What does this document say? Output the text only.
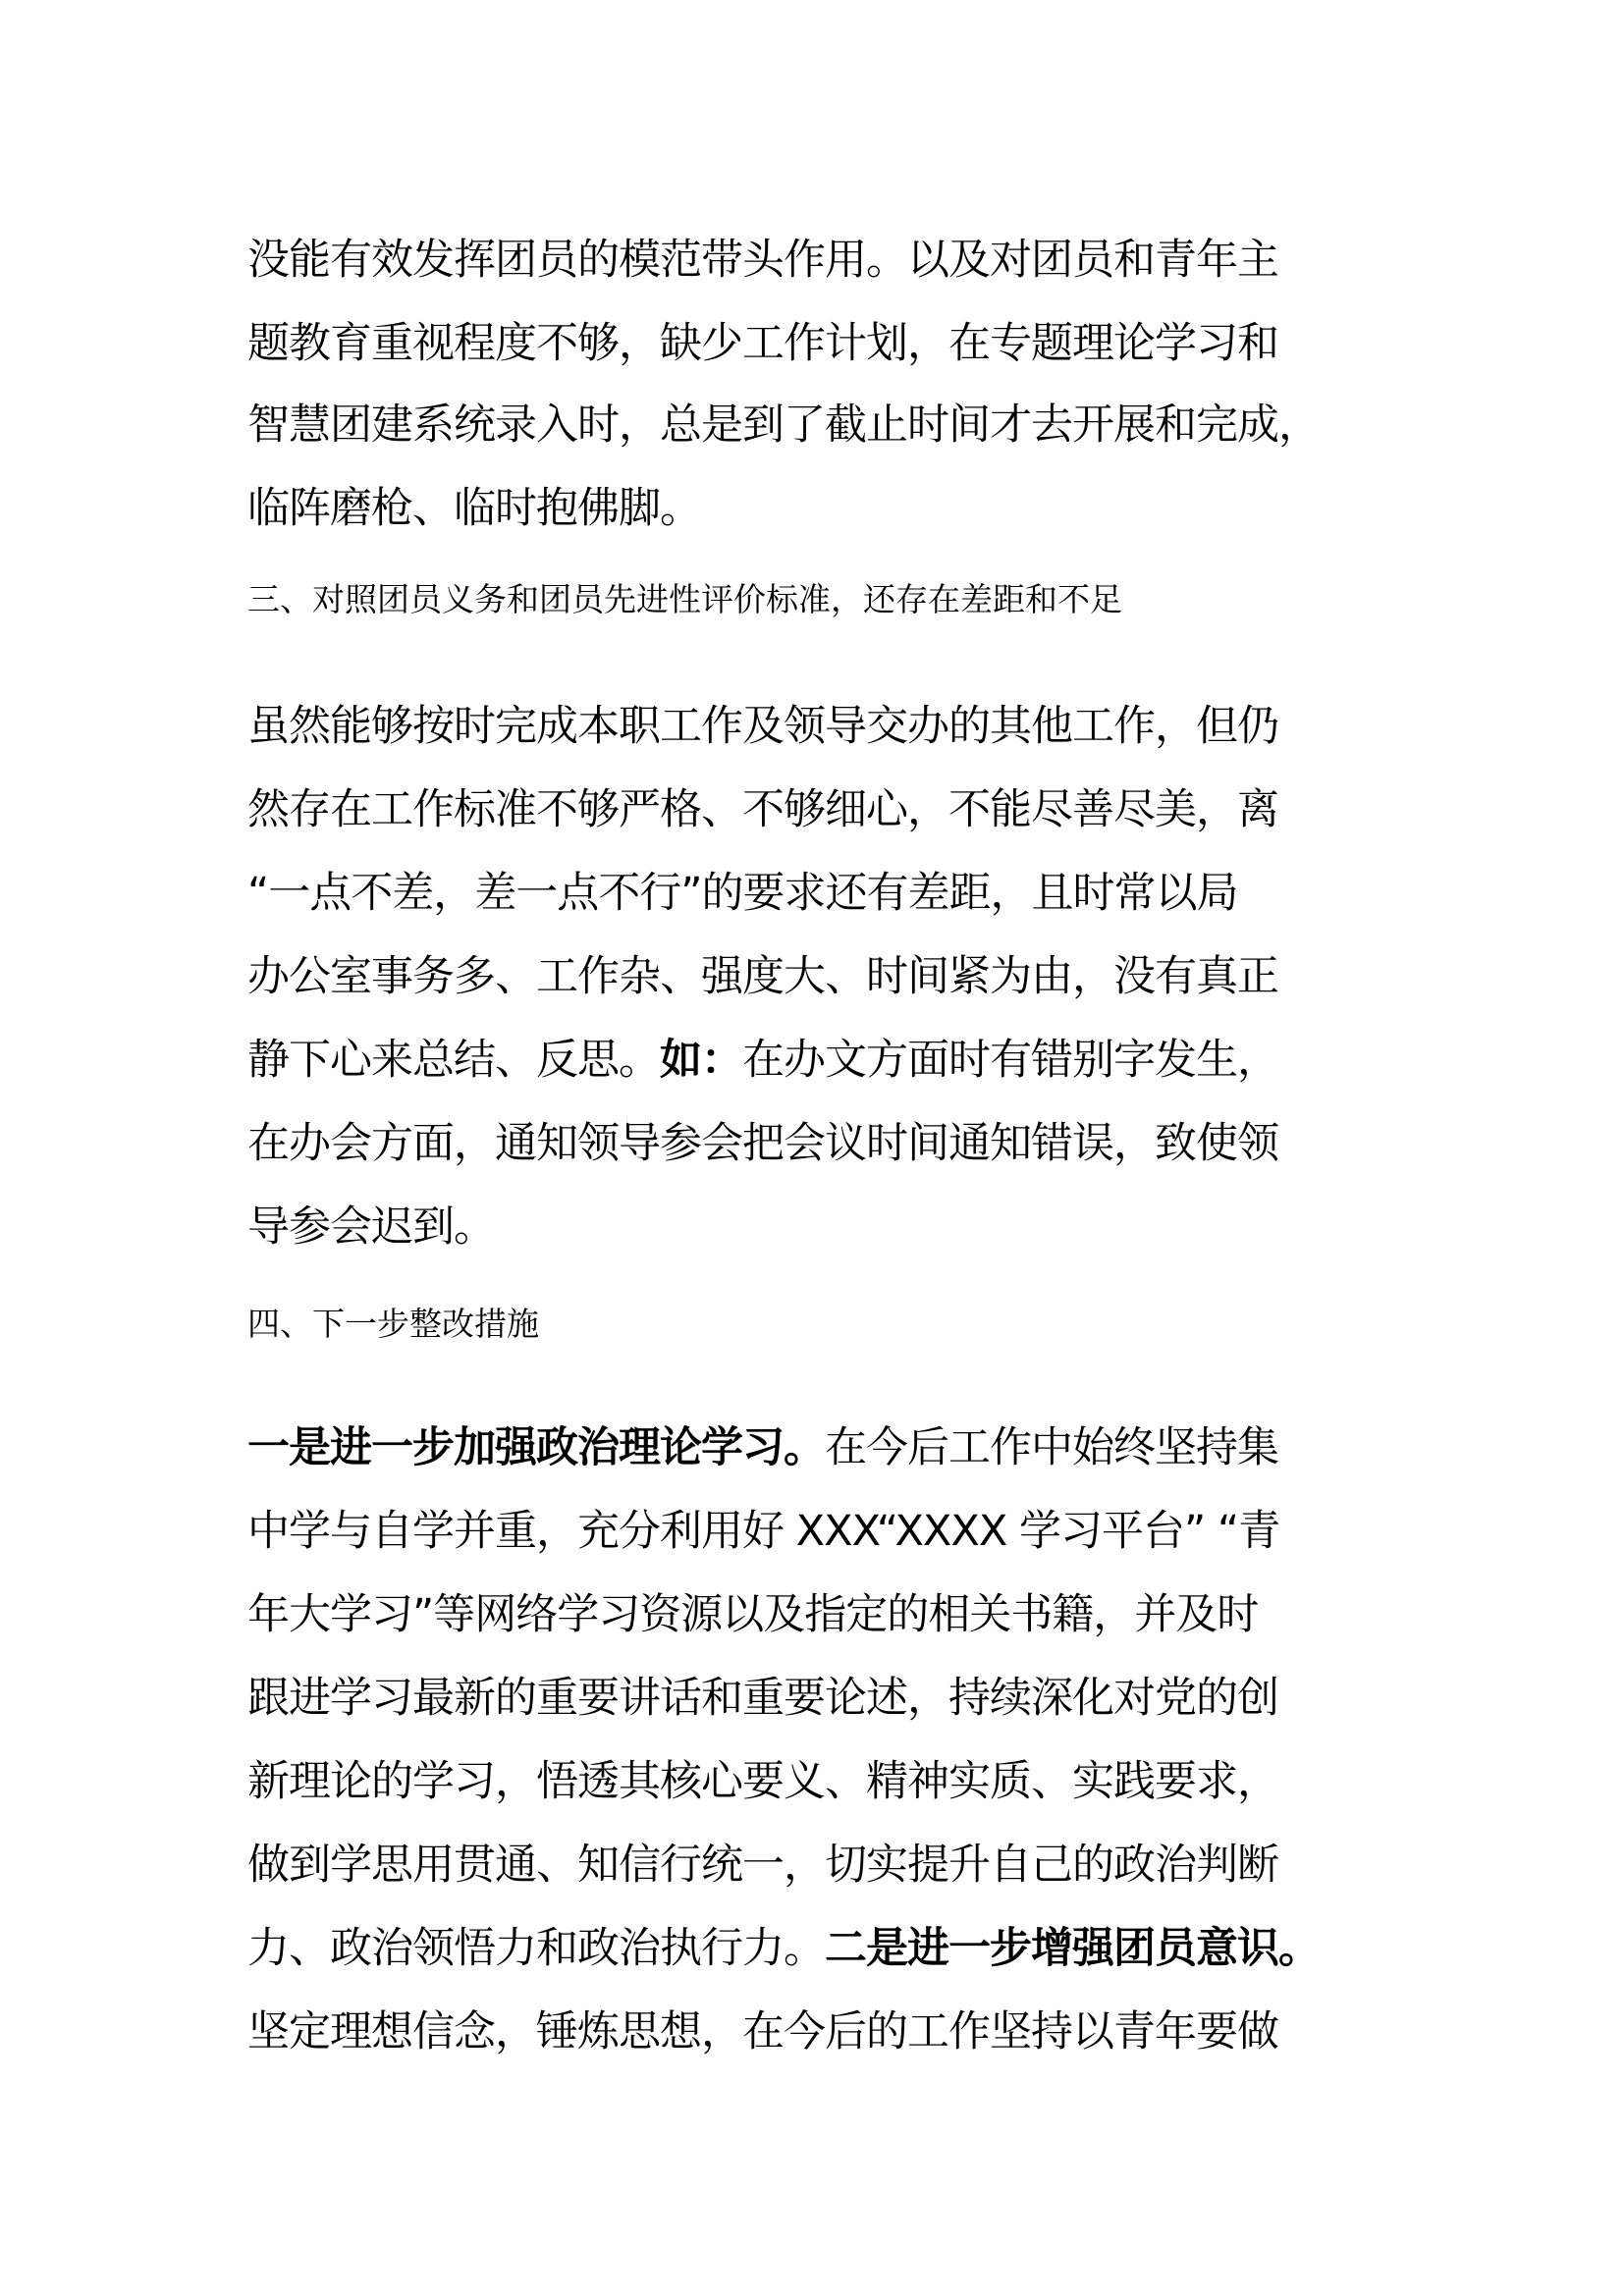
没能有效发挥团员的模范带头作用。以及对团员和青年主
题教育重视程度不够，缺少工作计划，在专题理论学习和
智慧团建系统录入时，总是到了截止时间才去开展和完成，
临阵磨枪、临时抱佛脚。
三、对照团员义务和团员先进性评价标准，还存在差距和不足
虽然能够按时完成本职工作及领导交办的其他工作，但仍
然存在工作标准不够严格、不够细心，不能尽善尽美，离
“一点不差，差一点不行”的要求还有差距，且时常以局
办公室事务多、工作杂、强度大、时间紧为由，没有真正
静下心来总结、反思。如：在办文方面时有错别字发生，
在办会方面，通知领导参会把会议时间通知错误，致使领
导参会迟到。
四、下一步整改措施
一是进一步加强政治理论学习。在今后工作中始终坚持集
中学与自学并重，充分利用好 XXX“XXXX 学习平台” “青
年大学习”等网络学习资源以及指定的相关书籍，并及时
跟进学习最新的重要讲话和重要论述，持续深化对党的创
新理论的学习，悟透其核心要义、精神实质、实践要求，
做到学思用贯通、知信行统一，切实提升自己的政治判断
力、政治领悟力和政治执行力。二是进一步增强团员意识。
坚定理想信念，锤炼思想，在今后的工作坚持以青年要做
